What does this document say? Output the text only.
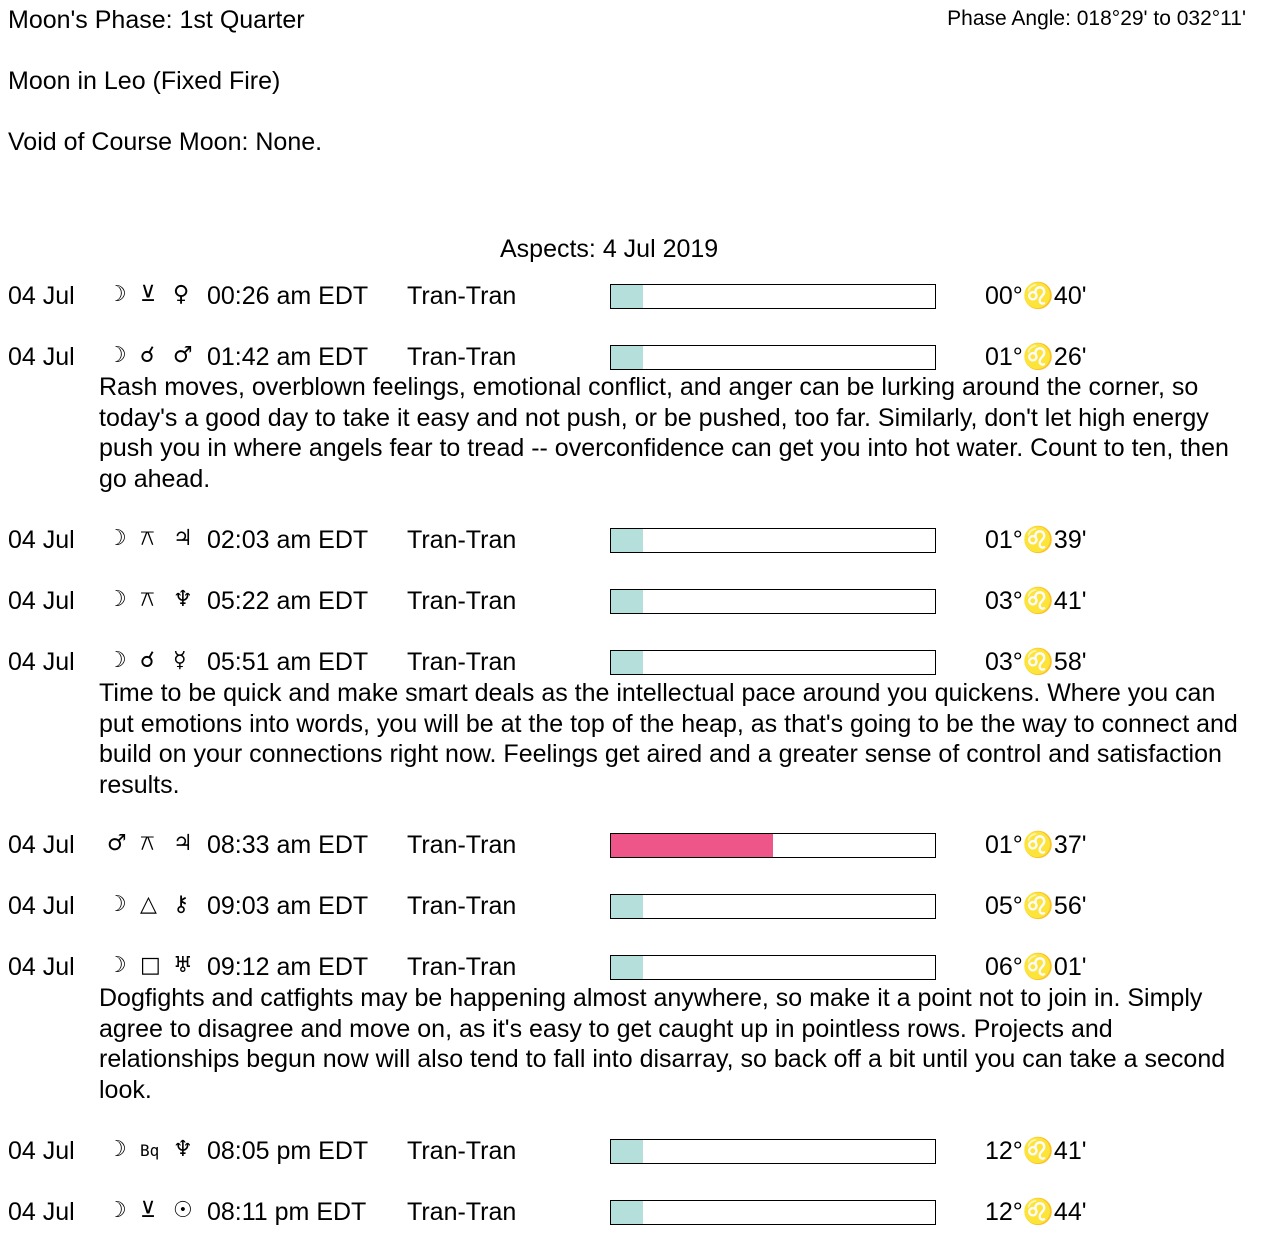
Moon's Phase: 1st Quarter
Moon in Leo (Fixed Fire)
Void of Course Moon: None.
Phase Angle: 018°29' to 032°11'
Aspects: 4 Jul 2019
04 Jul ☽ ⊻ ♀ 00:26 am EDT Tran-Tran	00°♌40'
04 Jul ☽ ☌ ♂ 01:42 am EDT Tran-Tran	01°♌26'
Rash moves, overblown feelings, emotional conflict, and anger can be lurking around the corner, so today's a good day to take it easy and not push, or be pushed, too far. Similarly, don't let high energy push you in where angels fear to tread -- overconfidence can get you into hot water. Count to ten, then go ahead.
04 Jul ☽ ⚻ ♃ 02:03 am EDT Tran-Tran	01°♌39'
04 Jul ☽ ⚻ ♆ 05:22 am EDT Tran-Tran	03°♌41'
04 Jul ☽ ☌ ☿ 05:51 am EDT Tran-Tran	03°♌58'
Time to be quick and make smart deals as the intellectual pace around you quickens. Where you can put emotions into words, you will be at the top of the heap, as that's going to be the way to connect and build on your connections right now. Feelings get aired and a greater sense of control and satisfaction results.
04 Jul ♂ ⚻ ♃ 08:33 am EDT Tran-Tran	01°♌37'
04 Jul ☽ △ ⚷ 09:03 am EDT Tran-Tran	05°♌56'
04 Jul ☽ □ ♅ 09:12 am EDT Tran-Tran	06°♌01'
Dogfights and catfights may be happening almost anywhere, so make it a point not to join in. Simply agree to disagree and move on, as it's easy to get caught up in pointless rows. Projects and relationships begun now will also tend to fall into disarray, so back off a bit until you can take a second look.
04 Jul ☽ Bq ♆ 08:05 pm EDT Tran-Tran	12°♌41'
04 Jul ☽ ⊻ ☉ 08:11 pm EDT Tran-Tran	12°♌44'
